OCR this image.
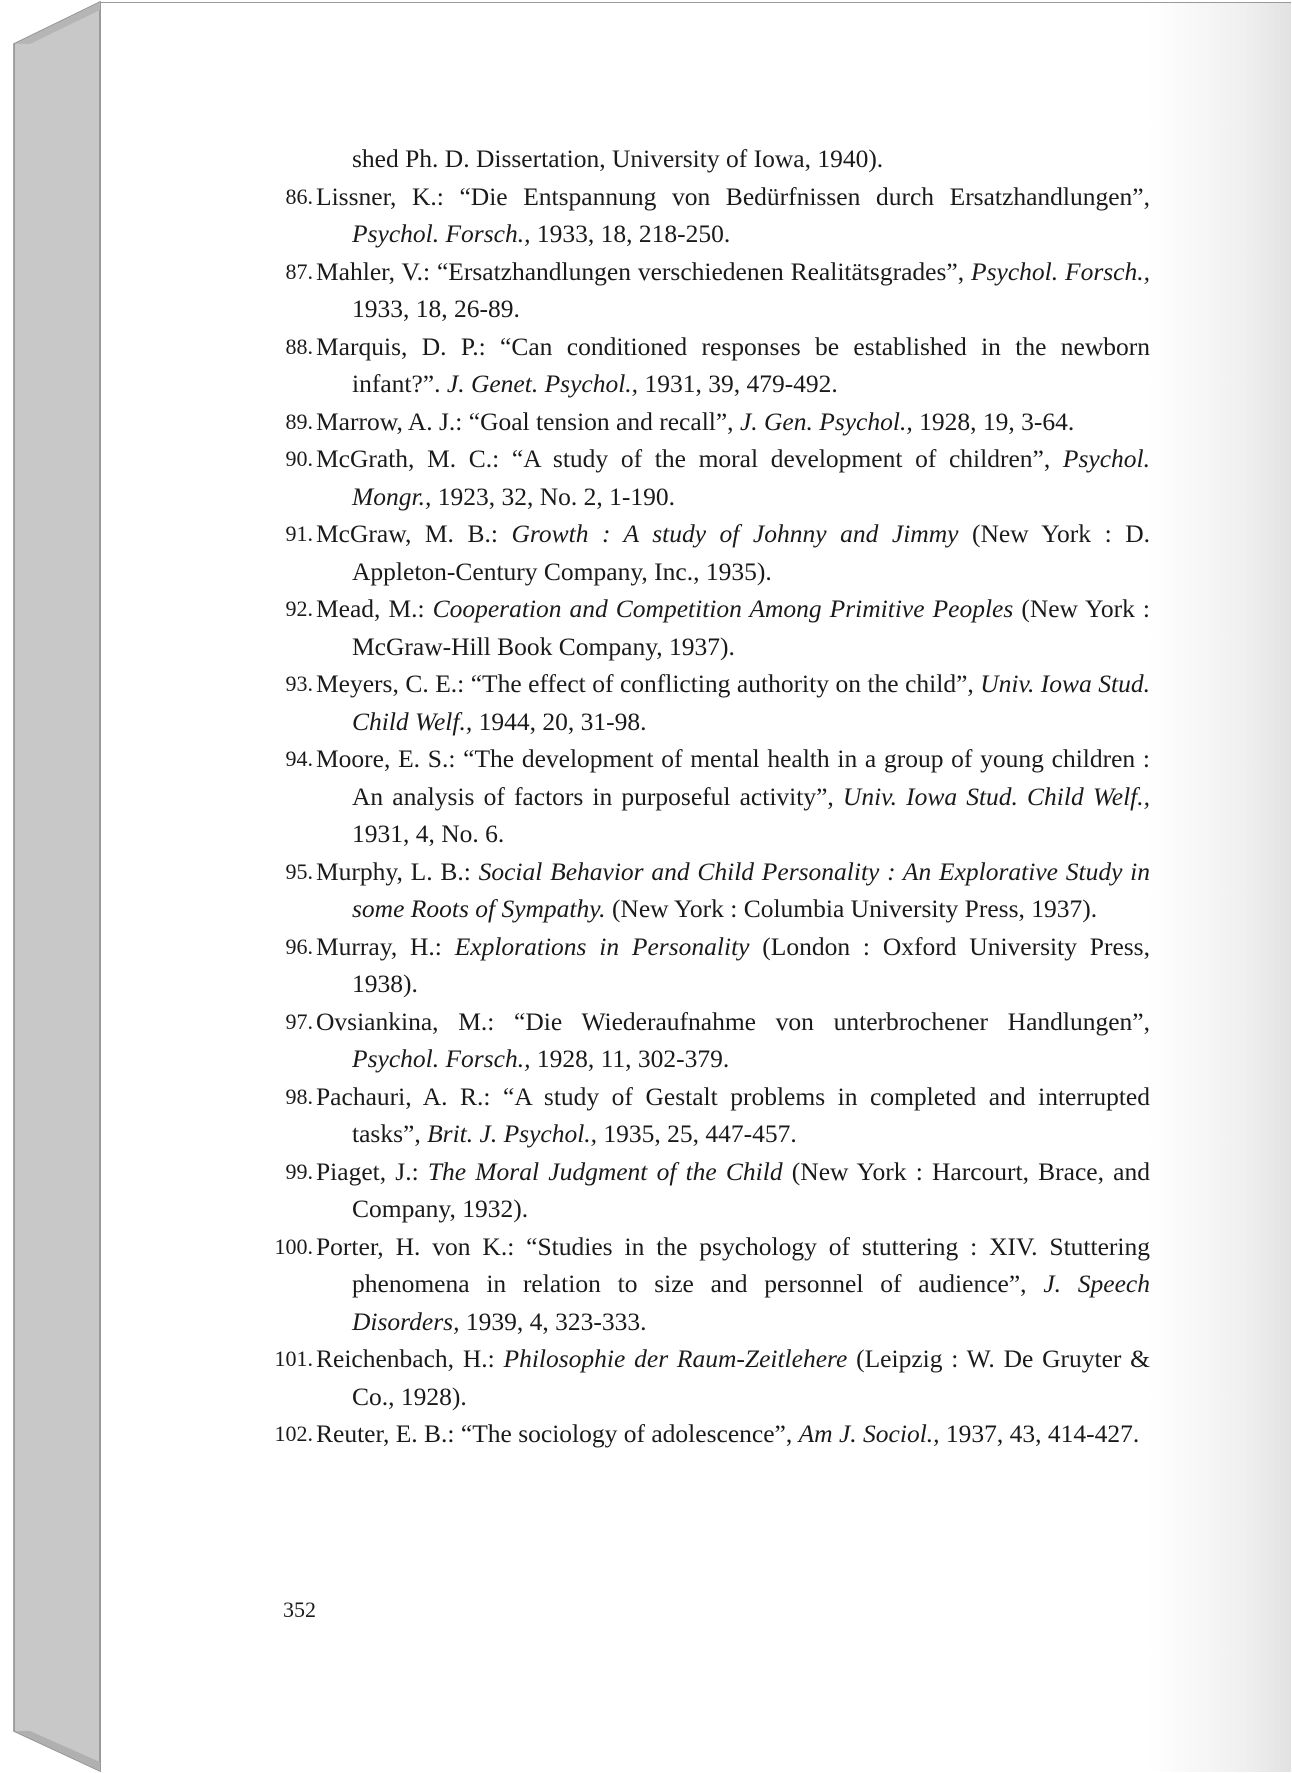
shed Ph. D. Dissertation, University of Iowa, 1940).
86. Lissner, K.: “Die Entspannung von Bedürfnissen durch Ersatzhandlungen”, Psychol. Forsch., 1933, 18, 218-250.
87. Mahler, V.: “Ersatzhandlungen verschiedenen Realitätsgrades”, Psychol. Forsch., 1933, 18, 26-89.
88. Marquis, D. P.: “Can conditioned responses be established in the newborn infant?”. J. Genet. Psychol., 1931, 39, 479-492.
89. Marrow, A. J.: “Goal tension and recall”, J. Gen. Psychol., 1928, 19, 3-64.
90. McGrath, M. C.: “A study of the moral development of children”, Psychol. Mongr., 1923, 32, No. 2, 1-190.
91. McGraw, M. B.: Growth : A study of Johnny and Jimmy (New York : D. Appleton-Century Company, Inc., 1935).
92. Mead, M.: Cooperation and Competition Among Primitive Peoples (New York : McGraw-Hill Book Company, 1937).
93. Meyers, C. E.: “The effect of conflicting authority on the child”, Univ. Iowa Stud. Child Welf., 1944, 20, 31-98.
94. Moore, E. S.: “The development of mental health in a group of young children : An analysis of factors in purposeful activity”, Univ. Iowa Stud. Child Welf., 1931, 4, No. 6.
95. Murphy, L. B.: Social Behavior and Child Personality : An Explorative Study in some Roots of Sympathy. (New York : Columbia University Press, 1937).
96. Murray, H.: Explorations in Personality (London : Oxford University Press, 1938).
97. Ovsiankina, M.: “Die Wiederaufnahme von unterbrochener Handlungen”, Psychol. Forsch., 1928, 11, 302-379.
98. Pachauri, A. R.: “A study of Gestalt problems in completed and interrupted tasks”, Brit. J. Psychol., 1935, 25, 447-457.
99. Piaget, J.: The Moral Judgment of the Child (New York : Harcourt, Brace, and Company, 1932).
100. Porter, H. von K.: “Studies in the psychology of stuttering : XIV. Stuttering phenomena in relation to size and personnel of audience”, J. Speech Disorders, 1939, 4, 323-333.
101. Reichenbach, H.: Philosophie der Raum-Zeitlehere (Leipzig : W. De Gruyter & Co., 1928).
102. Reuter, E. B.: “The sociology of adolescence”, Am J. Sociol., 1937, 43, 414-427.
352
